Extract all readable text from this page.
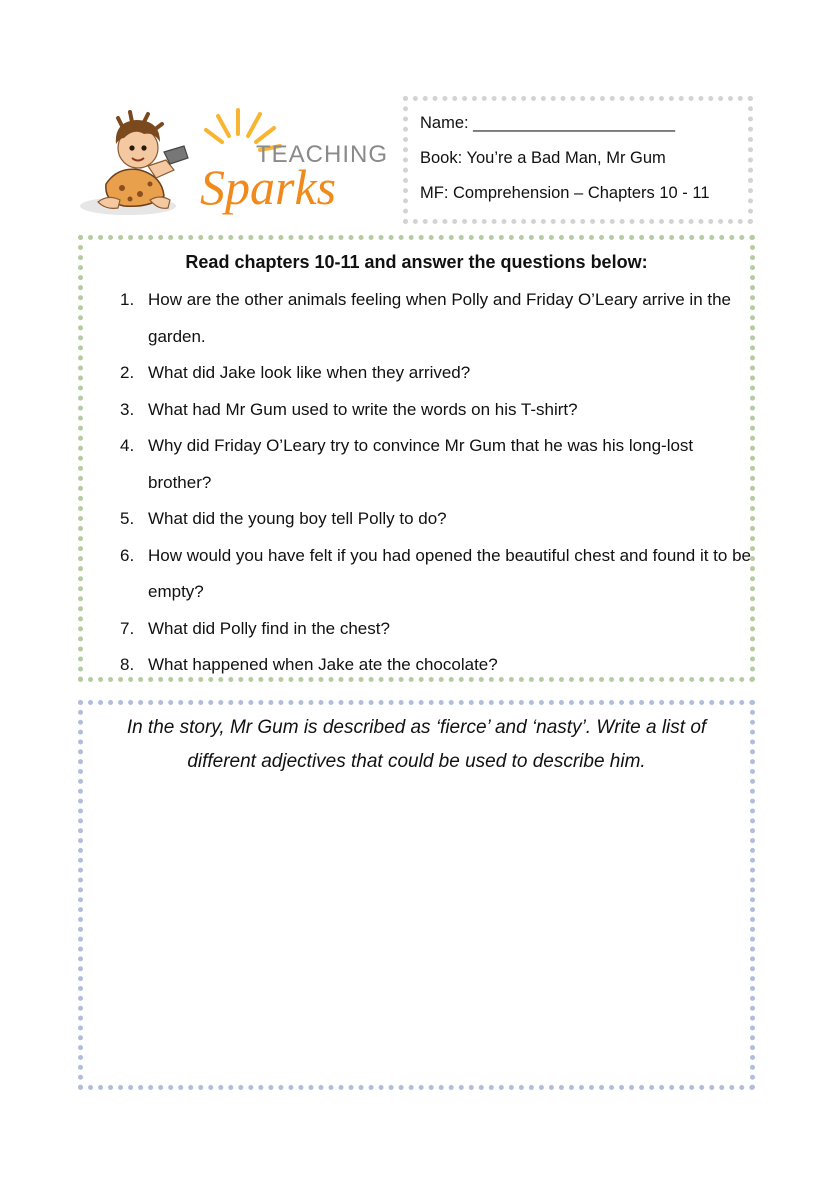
TEACHING
Sparks
Name: ______________________
Book: You’re a Bad Man, Mr Gum
MF: Comprehension – Chapters 10 - 11
Read chapters 10-11 and answer the questions below:
1. How are the other animals feeling when Polly and Friday O’Leary arrive in the garden.
2. What did Jake look like when they arrived?
3. What had Mr Gum used to write the words on his T-shirt?
4. Why did Friday O’Leary try to convince Mr Gum that he was his long-lost brother?
5. What did the young boy tell Polly to do?
6. How would you have felt if you had opened the beautiful chest and found it to be empty?
7. What did Polly find in the chest?
8. What happened when Jake ate the chocolate?
In the story, Mr Gum is described as ‘fierce’ and ‘nasty’. Write a list of different adjectives that could be used to describe him.
